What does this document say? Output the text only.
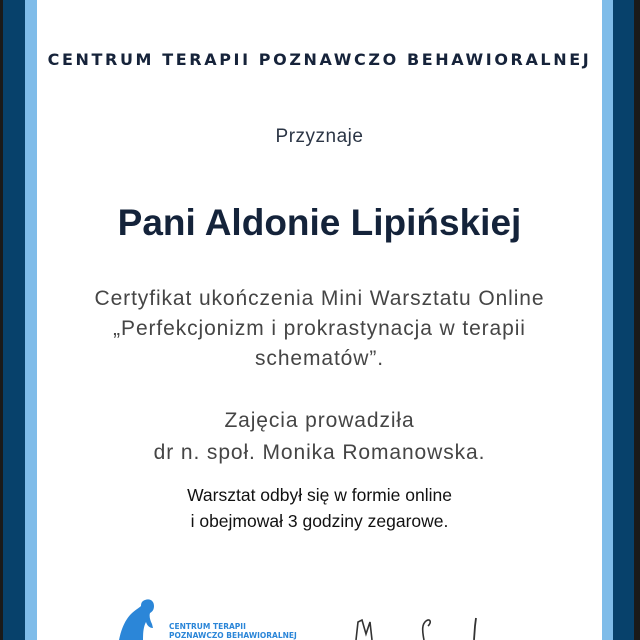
CENTRUM TERAPII POZNAWCZO BEHAWIORALNEJ
Przyznaje
Pani Aldonie Lipińskiej
Certyfikat ukończenia Mini Warsztatu Online
„Perfekcjonizm i prokrastynacja w terapii
schematów”.
Zajęcia prowadziła
dr n. społ. Monika Romanowska.
Warsztat odbył się w formie online
i obejmował 3 godziny zegarowe.
CENTRUM TERAPII
POZNAWCZO BEHAWIORALNEJ
